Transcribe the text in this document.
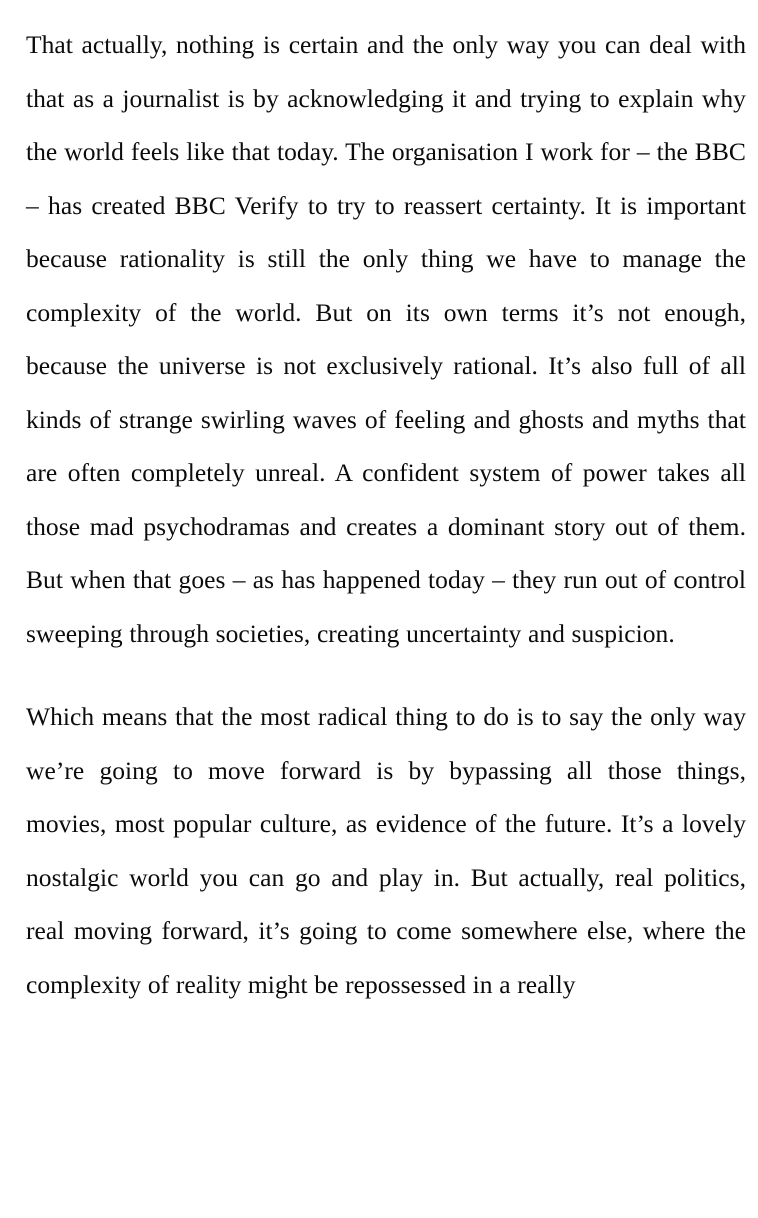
That actually, nothing is certain and the only way you can deal with that as a journalist is by acknowledging it and trying to explain why the world feels like that today. The organisation I work for – the BBC – has created BBC Verify to try to reassert certainty. It is important because rationality is still the only thing we have to manage the complexity of the world. But on its own terms it’s not enough, because the universe is not exclusively rational. It’s also full of all kinds of strange swirling waves of feeling and ghosts and myths that are often completely unreal. A confident system of power takes all those mad psychodramas and creates a dominant story out of them. But when that goes – as has happened today – they run out of control sweeping through societies, creating uncertainty and suspicion.

Which means that the most radical thing to do is to say the only way we’re going to move forward is by bypassing all those things, movies, most popular culture, as evidence of the future. It’s a lovely nostalgic world you can go and play in. But actually, real politics, real moving forward, it’s going to come somewhere else, where the complexity of reality might be repossessed in a really
